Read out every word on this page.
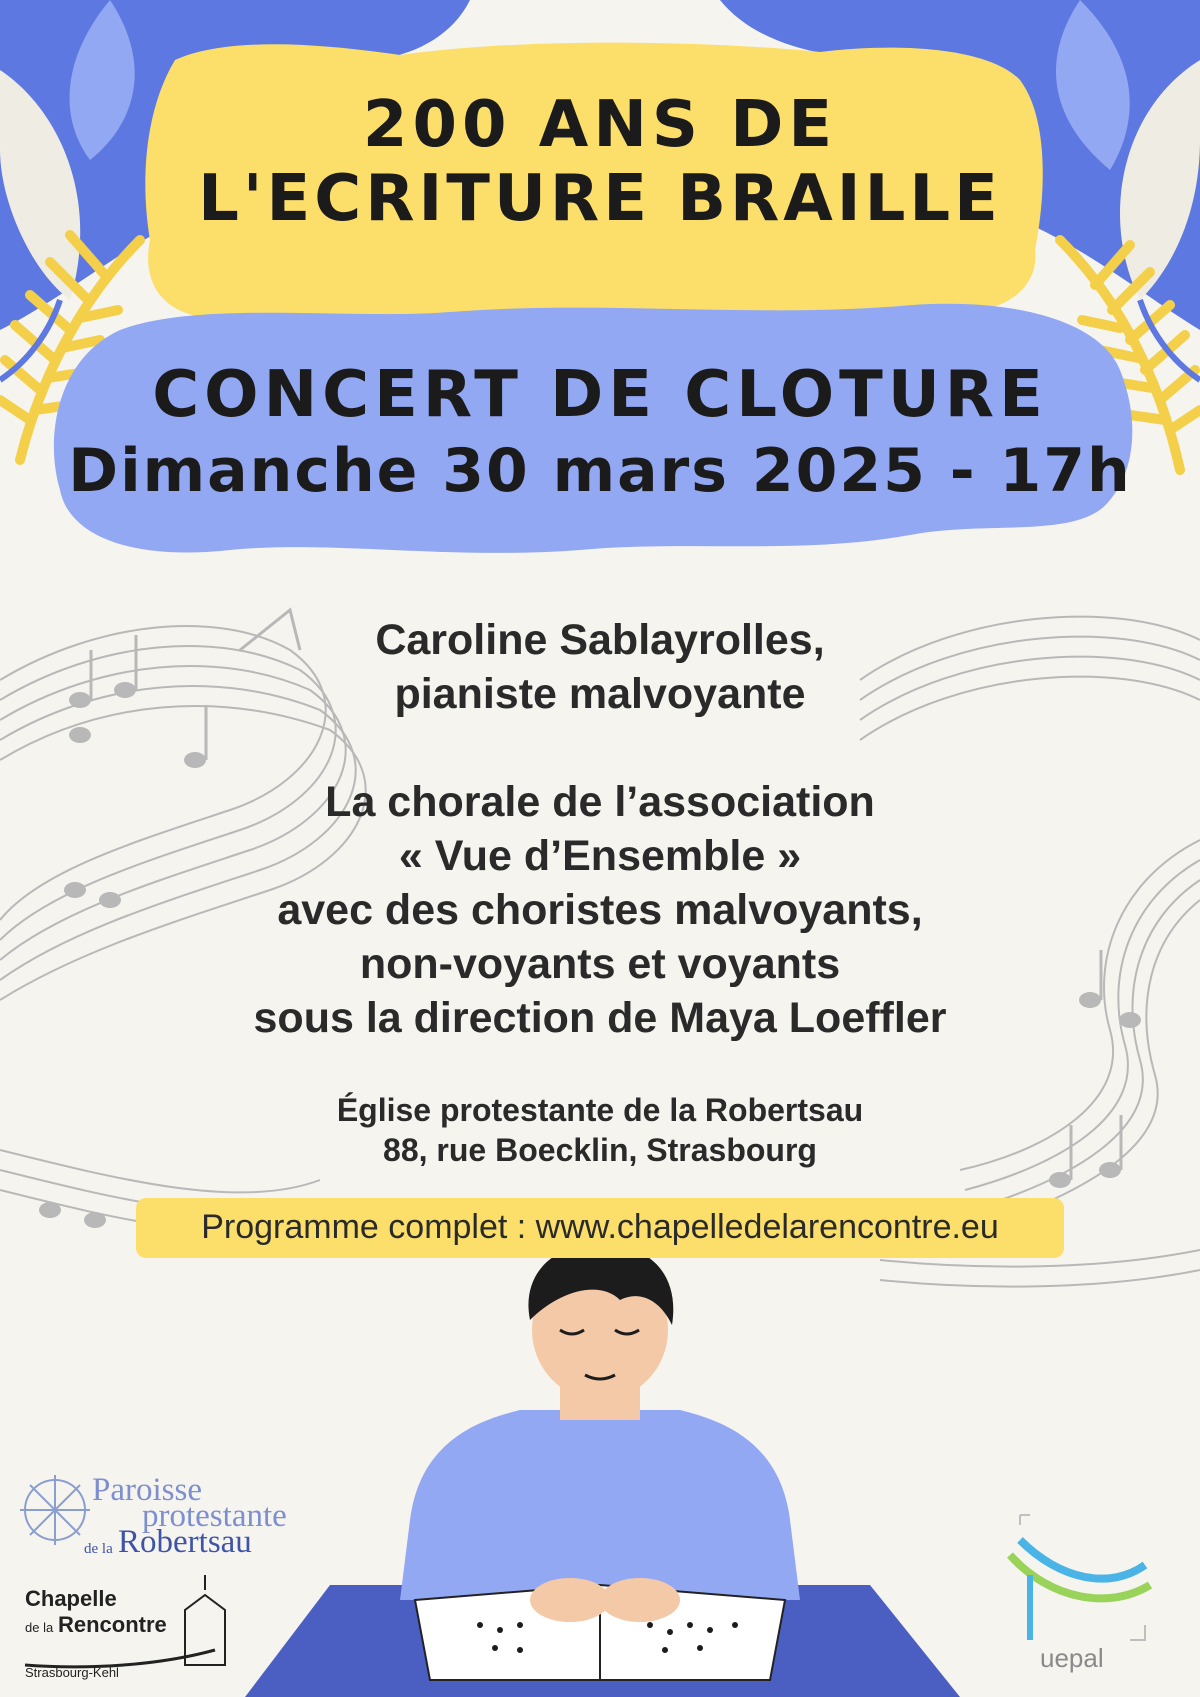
200 ANS DE
L'ECRITURE BRAILLE
CONCERT DE CLOTURE
Dimanche 30 mars 2025 - 17h
Caroline Sablayrolles,
pianiste malvoyante
La chorale de l’association
« Vue d’Ensemble »
avec des choristes malvoyants,
non-voyants et voyants
sous la direction de Maya Loeffler
Église protestante de la Robertsau
88, rue Boecklin, Strasbourg
Programme complet : www.chapelledelarencontre.eu
Paroisse
protestante
de la Robertsau
Chapelle
de la Rencontre
Strasbourg-Kehl	uepal
